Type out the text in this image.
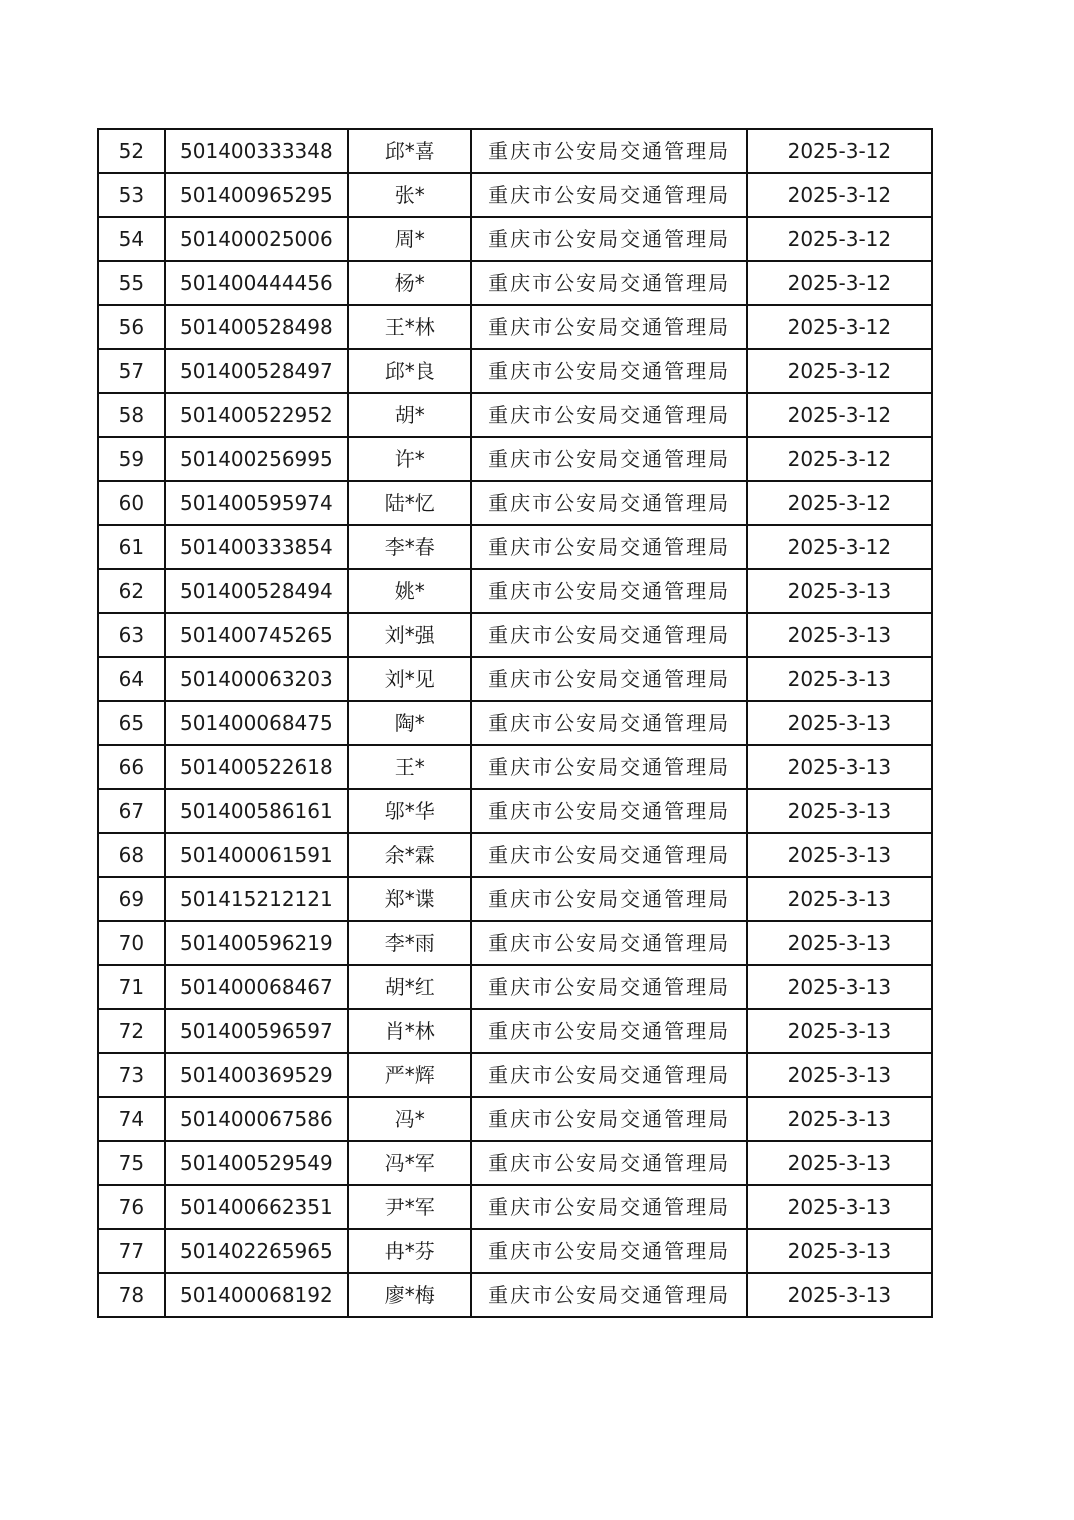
52	501400333348	邱*喜	重庆市公安局交通管理局	2025-3-12
53	501400965295	张*	重庆市公安局交通管理局	2025-3-12
54	501400025006	周*	重庆市公安局交通管理局	2025-3-12
55	501400444456	杨*	重庆市公安局交通管理局	2025-3-12
56	501400528498	王*林	重庆市公安局交通管理局	2025-3-12
57	501400528497	邱*良	重庆市公安局交通管理局	2025-3-12
58	501400522952	胡*	重庆市公安局交通管理局	2025-3-12
59	501400256995	许*	重庆市公安局交通管理局	2025-3-12
60	501400595974	陆*忆	重庆市公安局交通管理局	2025-3-12
61	501400333854	李*春	重庆市公安局交通管理局	2025-3-12
62	501400528494	姚*	重庆市公安局交通管理局	2025-3-13
63	501400745265	刘*强	重庆市公安局交通管理局	2025-3-13
64	501400063203	刘*见	重庆市公安局交通管理局	2025-3-13
65	501400068475	陶*	重庆市公安局交通管理局	2025-3-13
66	501400522618	王*	重庆市公安局交通管理局	2025-3-13
67	501400586161	邬*华	重庆市公安局交通管理局	2025-3-13
68	501400061591	余*霖	重庆市公安局交通管理局	2025-3-13
69	501415212121	郑*谍	重庆市公安局交通管理局	2025-3-13
70	501400596219	李*雨	重庆市公安局交通管理局	2025-3-13
71	501400068467	胡*红	重庆市公安局交通管理局	2025-3-13
72	501400596597	肖*林	重庆市公安局交通管理局	2025-3-13
73	501400369529	严*辉	重庆市公安局交通管理局	2025-3-13
74	501400067586	冯*	重庆市公安局交通管理局	2025-3-13
75	501400529549	冯*军	重庆市公安局交通管理局	2025-3-13
76	501400662351	尹*军	重庆市公安局交通管理局	2025-3-13
77	501402265965	冉*芬	重庆市公安局交通管理局	2025-3-13
78	501400068192	廖*梅	重庆市公安局交通管理局	2025-3-13
